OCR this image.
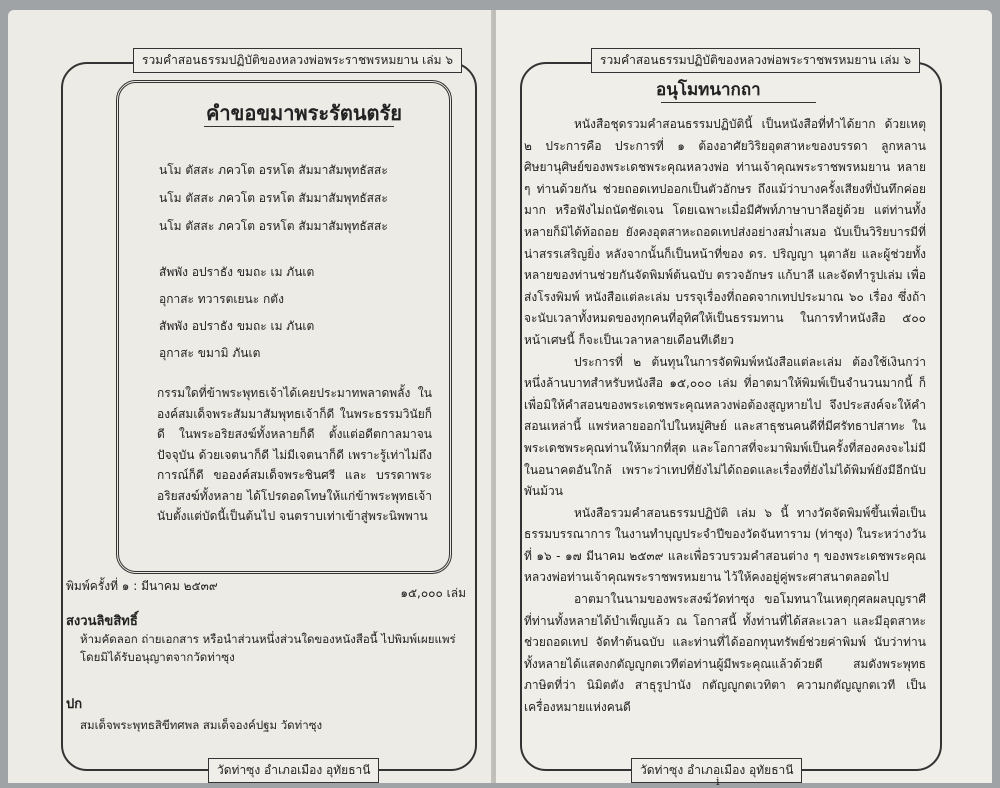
รวมคำสอนธรรมปฏิบัติของหลวงพ่อพระราชพรหมยาน เล่ม ๖
คำขอขมาพระรัตนตรัย
นโม ตัสสะ ภควโต อรหโต สัมมาสัมพุทธัสสะ
นโม ตัสสะ ภควโต อรหโต สัมมาสัมพุทธัสสะ
นโม ตัสสะ ภควโต อรหโต สัมมาสัมพุทธัสสะ
สัพพัง อปราธัง ขมถะ เม ภันเต
อุกาสะ ทวารตเยนะ กตัง
สัพพัง อปราธัง ขมถะ เม ภันเต
อุกาสะ ขมามิ ภันเต
กรรมใดที่ข้าพระพุทธเจ้าได้เคยประมาทพลาดพลั้ง ในองค์สมเด็จพระสัมมาสัมพุทธเจ้าก็ดี ในพระธรรมวินัยก็ดี ในพระอริยสงฆ์ทั้งหลายก็ดี ตั้งแต่อดีตกาลมาจนปัจจุบัน ด้วยเจตนาก็ดี ไม่มีเจตนาก็ดี เพราะรู้เท่าไม่ถึงการณ์ก็ดี ขอองค์สมเด็จพระชินศรี และ บรรดาพระอริยสงฆ์ทั้งหลาย ได้โปรดอดโทษให้แก่ข้าพระพุทธเจ้านับตั้งแต่บัดนี้เป็นต้นไป จนตราบเท่าเข้าสู่พระนิพพาน
พิมพ์ครั้งที่ ๑ : มีนาคม ๒๕๓๙	๑๕,๐๐๐ เล่ม
สงวนลิขสิทธิ์
ห้ามคัดลอก ถ่ายเอกสาร หรือนำส่วนหนึ่งส่วนใดของหนังสือนี้ ไปพิมพ์เผยแพร่ โดยมิได้รับอนุญาตจากวัดท่าซุง
ปก
สมเด็จพระพุทธสิขีทศพล สมเด็จองค์ปฐม วัดท่าซุง
วัดท่าซุง อำเภอเมือง อุทัยธานี
รวมคำสอนธรรมปฏิบัติของหลวงพ่อพระราชพรหมยาน เล่ม ๖
อนุโมทนากถา

หนังสือชุดรวมคำสอนธรรมปฏิบัตินี้ เป็นหนังสือที่ทำได้ยาก ด้วยเหตุ ๒ ประการคือ ประการที่ ๑ ต้องอาศัยวิริยอุตสาหะของบรรดา ลูกหลานศิษยานุศิษย์ของพระเดชพระคุณหลวงพ่อ ท่านเจ้าคุณพระราชพรหมยาน หลาย ๆ ท่านด้วยกัน ช่วยถอดเทปออกเป็นตัวอักษร ถึงแม้ว่าบางครั้งเสียงที่บันทึกค่อยมาก หรือฟังไม่ถนัดชัดเจน โดยเฉพาะเมื่อมีศัพท์ภาษาบาลีอยู่ด้วย แต่ท่านทั้งหลายก็มิได้ท้อถอย ยังคงอุตสาหะถอดเทปส่งอย่างสม่ำเสมอ นับเป็นวิริยบารมีที่น่าสรรเสริญยิ่ง หลังจากนั้นก็เป็นหน้าที่ของ ดร. ปริญญา นุตาลัย และผู้ช่วยทั้งหลายของท่านช่วยกันจัดพิมพ์ต้นฉบับ ตรวจอักษร แก้บาลี และจัดทำรูปเล่ม เพื่อส่งโรงพิมพ์ หนังสือแต่ละเล่ม บรรจุเรื่องที่ถอดจากเทปประมาณ ๖๐ เรื่อง ซึ่งถ้าจะนับเวลาทั้งหมดของทุกคนที่อุทิศให้เป็นธรรมทาน ในการทำหนังสือ ๕๐๐ หน้าเศษนี้ ก็จะเป็นเวลาหลายเดือนทีเดียว

ประการที่ ๒ ต้นทุนในการจัดพิมพ์หนังสือแต่ละเล่ม ต้องใช้เงินกว่าหนึ่งล้านบาทสำหรับหนังสือ ๑๕,๐๐๐ เล่ม ที่อาตมาให้พิมพ์เป็นจำนวนมากนี้ ก็เพื่อมิให้คำสอนของพระเดชพระคุณหลวงพ่อต้องสูญหายไป จึงประสงค์จะให้คำสอนเหล่านี้ แพร่หลายออกไปในหมู่ศิษย์ และสาธุชนคนดีที่มีศรัทธาปสาทะ ในพระเดชพระคุณท่านให้มากที่สุด และโอกาสที่จะมาพิมพ์เป็นครั้งที่สองคงจะไม่มีในอนาคตอันใกล้ เพราะว่าเทปที่ยังไม่ได้ถอดและเรื่องที่ยังไม่ได้พิมพ์ยังมีอีกนับพันม้วน

หนังสือรวมคำสอนธรรมปฏิบัติ เล่ม ๖ นี้ ทางวัดจัดพิมพ์ขึ้นเพื่อเป็นธรรมบรรณาการ ในงานทำบุญประจำปีของวัดจันทาราม (ท่าซุง) ในระหว่างวันที่ ๑๖ - ๑๗ มีนาคม ๒๕๓๙ และเพื่อรวบรวมคำสอนต่าง ๆ ของพระเดชพระคุณหลวงพ่อท่านเจ้าคุณพระราชพรหมยาน ไว้ให้คงอยู่คู่พระศาสนาตลอดไป

อาตมาในนามของพระสงฆ์วัดท่าซุง ขอโมทนาในเหตุกุศลผลบุญราศีที่ท่านทั้งหลายได้บำเพ็ญแล้ว ณ โอกาสนี้ ทั้งท่านที่ได้สละเวลา และมีอุตสาหะช่วยถอดเทป จัดทำต้นฉบับ และท่านที่ได้ออกทุนทรัพย์ช่วยค่าพิมพ์ นับว่าท่านทั้งหลายได้แสดงกตัญญูกตเวทีต่อท่านผู้มีพระคุณแล้วด้วยดี สมดังพระพุทธภาษิตที่ว่า นิมิตตัง สาธุรูปานัง กตัญญูกตเวทิตา ความกตัญญูกตเวที เป็นเครื่องหมายแห่งคนดี

วัดท่าซุง อำเภอเมือง อุทัยธานี
i
